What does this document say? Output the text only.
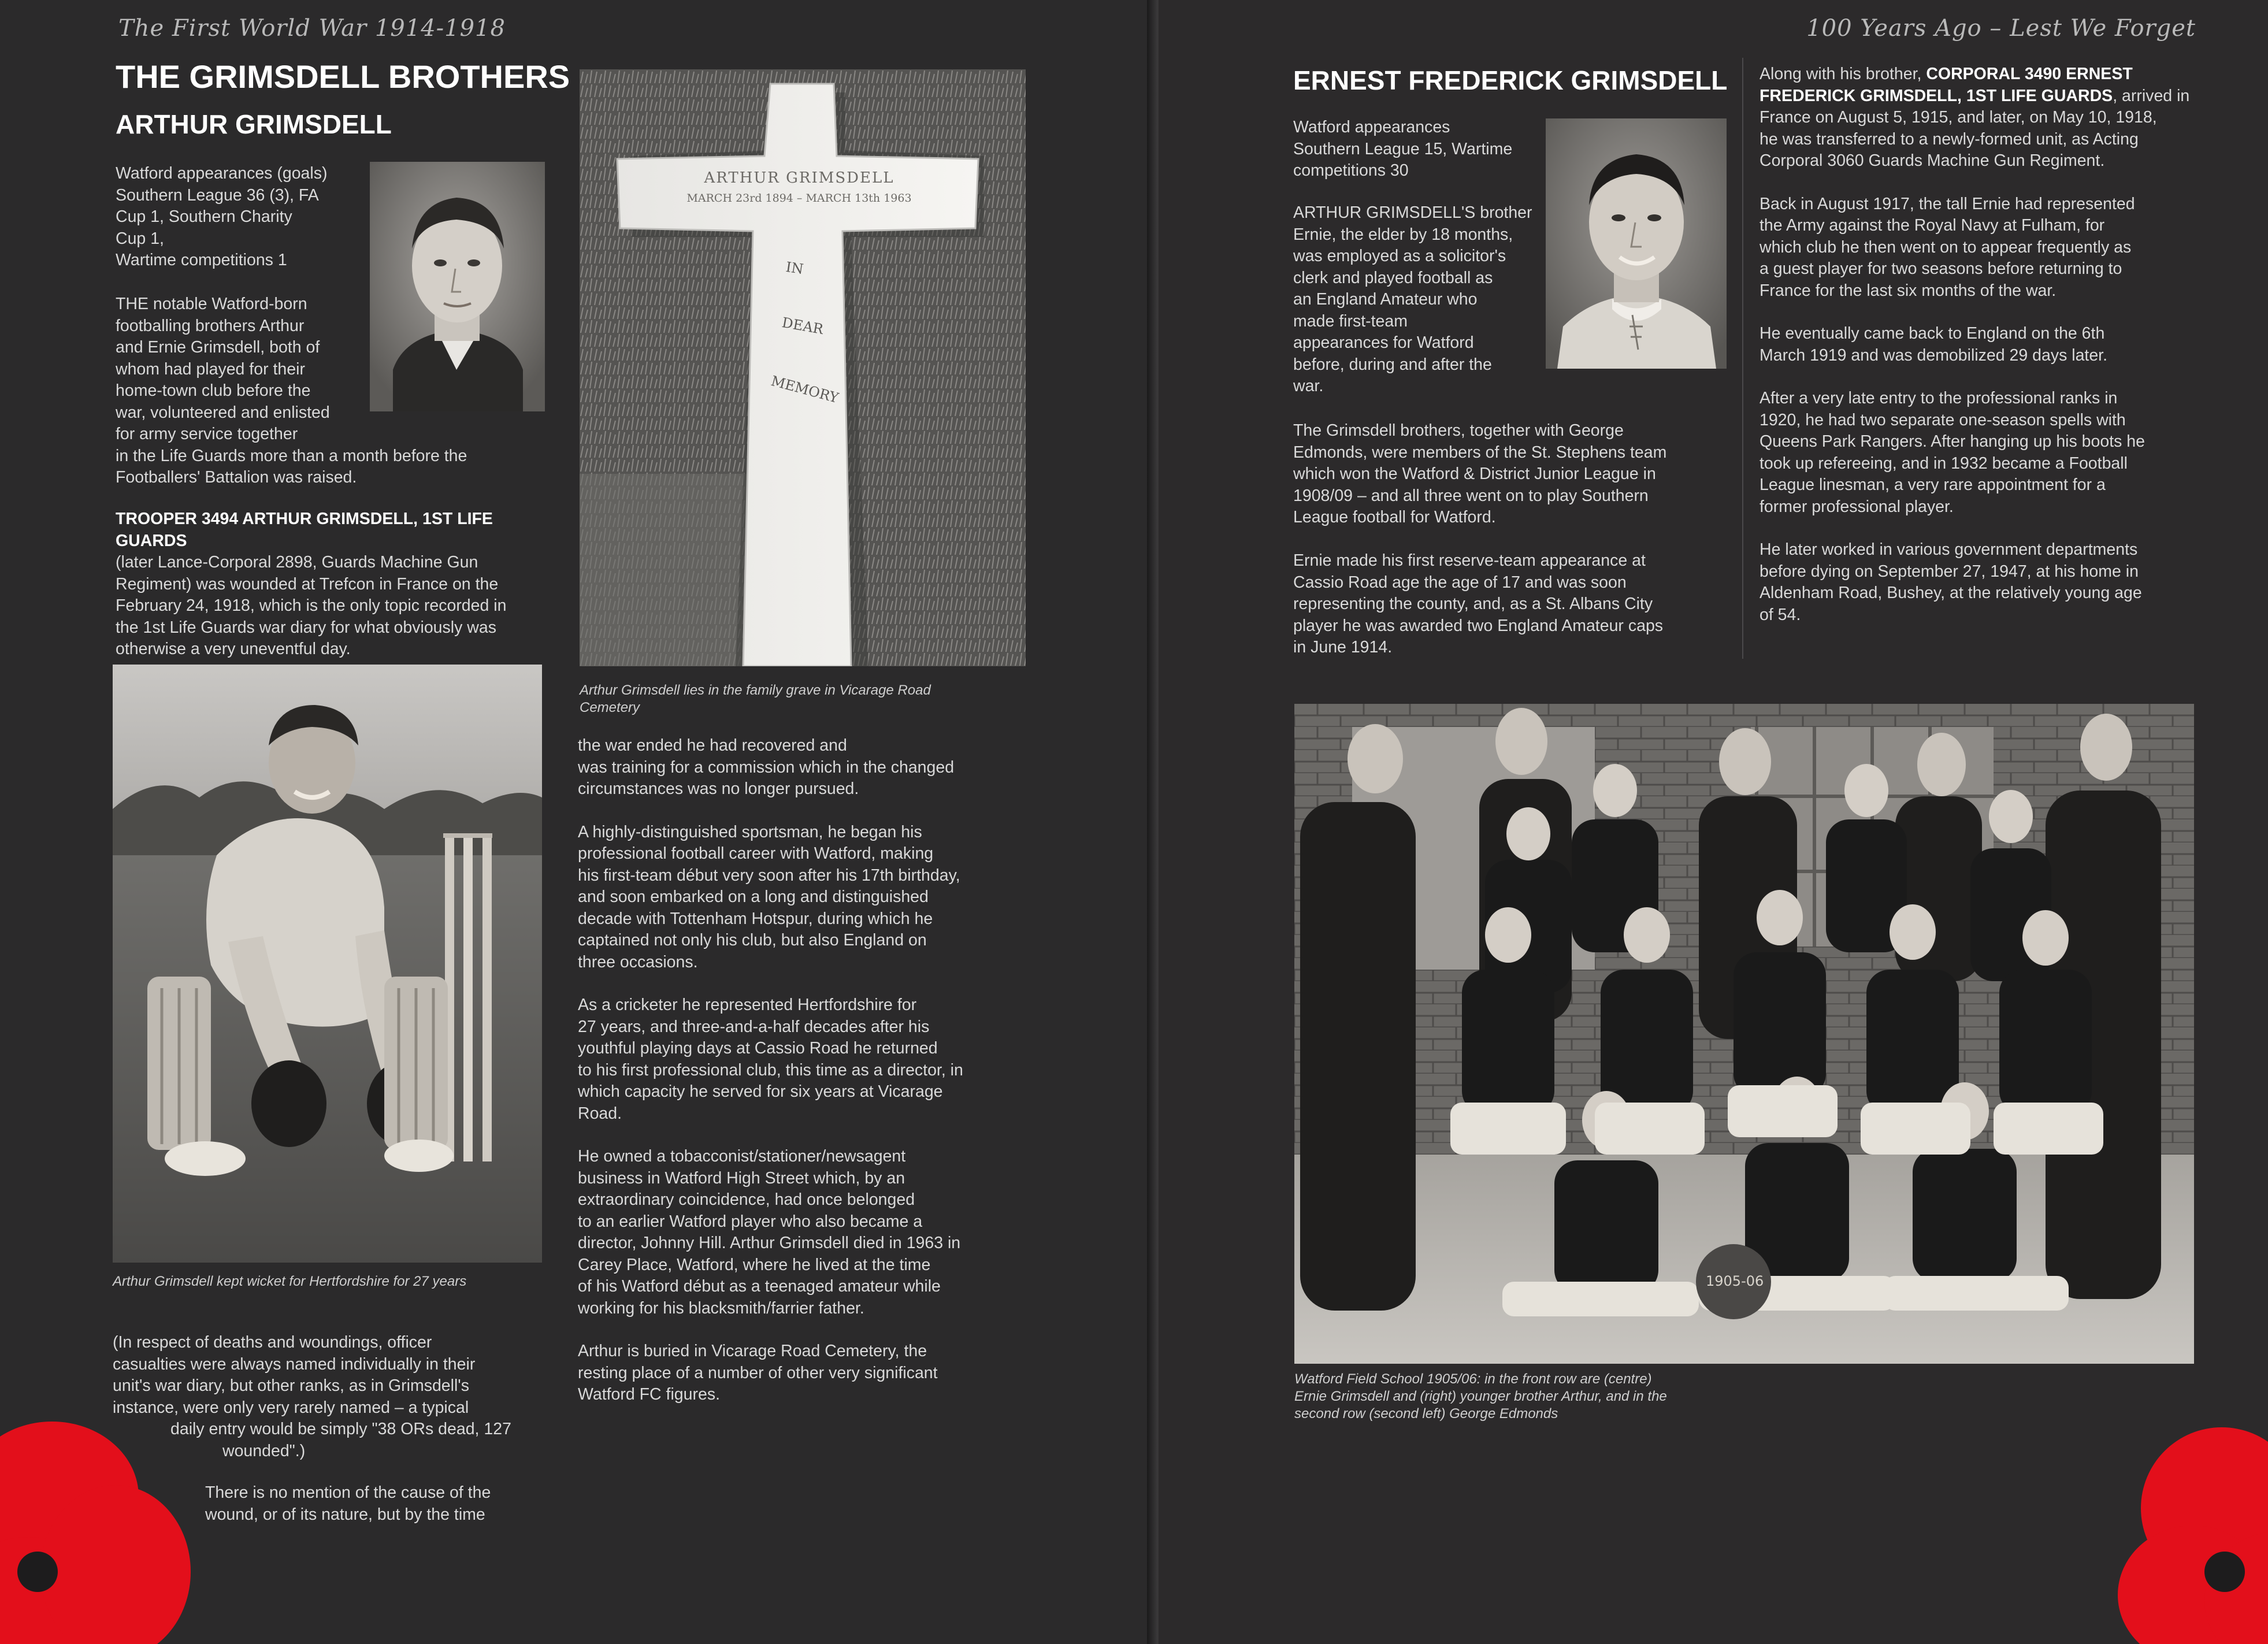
The First World War 1914-1918
THE GRIMSDELL BROTHERS
ARTHUR GRIMSDELL
Watford appearances (goals)
Southern League 36 (3), FA
Cup 1, Southern Charity
Cup 1,
Wartime competitions 1
THE notable Watford-born
footballing brothers Arthur
and Ernie Grimsdell, both of
whom had played for their
home-town club before the
war, volunteered and enlisted
for army service together
in the Life Guards more than a month before the
Footballers' Battalion was raised.
TROOPER 3494 ARTHUR GRIMSDELL, 1ST LIFE GUARDS
(later Lance-Corporal 2898, Guards Machine Gun
Regiment) was wounded at Trefcon in France on the
February 24, 1918, which is the only topic recorded in
the 1st Life Guards war diary for what obviously was
otherwise a very uneventful day.
Arthur Grimsdell kept wicket for Hertfordshire for 27 years
(In respect of deaths and woundings, officer
casualties were always named individually in their
unit's war diary, but other ranks, as in Grimsdell's
instance, were only very rarely named – a typical
daily entry would be simply "38 ORs dead, 127
wounded".)
There is no mention of the cause of the
wound, or of its nature, but by the time
ARTHUR GRIMSDELL
MARCH 23rd 1894 – MARCH 13th 1963
IN
DEAR
MEMORY
Arthur Grimsdell lies in the family grave in Vicarage Road
Cemetery

the war ended he had recovered and
was training for a commission which in the changed
circumstances was no longer pursued.

A highly-distinguished sportsman, he began his
professional football career with Watford, making
his first-team début very soon after his 17th birthday,
and soon embarked on a long and distinguished
decade with Tottenham Hotspur, during which he
captained not only his club, but also England on
three occasions.

As a cricketer he represented Hertfordshire for
27 years, and three-and-a-half decades after his
youthful playing days at Cassio Road he returned
to his first professional club, this time as a director, in
which capacity he served for six years at Vicarage
Road.

He owned a tobacconist/stationer/newsagent
business in Watford High Street which, by an
extraordinary coincidence, had once belonged
to an earlier Watford player who also became a
director, Johnny Hill. Arthur Grimsdell died in 1963 in
Carey Place, Watford, where he lived at the time
of his Watford début as a teenaged amateur while
working for his blacksmith/farrier father.

Arthur is buried in Vicarage Road Cemetery, the
resting place of a number of other very significant
Watford FC figures.

100 Years Ago – Lest We Forget
ERNEST FREDERICK GRIMSDELL
Watford appearances
Southern League 15, Wartime
competitions 30
ARTHUR GRIMSDELL'S brother
Ernie, the elder by 18 months,
was employed as a solicitor's
clerk and played football as
an England Amateur who
made first-team
appearances for Watford
before, during and after the
war.
The Grimsdell brothers, together with George
Edmonds, were members of the St. Stephens team
which won the Watford & District Junior League in
1908/09 – and all three went on to play Southern
League football for Watford.
Ernie made his first reserve-team appearance at
Cassio Road age the age of 17 and was soon
representing the county, and, as a St. Albans City
player he was awarded two England Amateur caps
in June 1914.

Along with his brother, CORPORAL 3490 ERNEST
FREDERICK GRIMSDELL, 1ST LIFE GUARDS, arrived in
France on August 5, 1915, and later, on May 10, 1918,
he was transferred to a newly-formed unit, as Acting
Corporal 3060 Guards Machine Gun Regiment.

Back in August 1917, the tall Ernie had represented
the Army against the Royal Navy at Fulham, for
which club he then went on to appear frequently as
a guest player for two seasons before returning to
France for the last six months of the war.

He eventually came back to England on the 6th
March 1919 and was demobilized 29 days later.

After a very late entry to the professional ranks in
1920, he had two separate one-season spells with
Queens Park Rangers. After hanging up his boots he
took up refereeing, and in 1932 became a Football
League linesman, a very rare appointment for a
former professional player.

He later worked in various government departments
before dying on September 27, 1947, at his home in
Aldenham Road, Bushey, at the relatively young age
of 54.

1905-06
Watford Field School 1905/06: in the front row are (centre)
Ernie Grimsdell and (right) younger brother Arthur, and in the
second row (second left) George Edmonds
